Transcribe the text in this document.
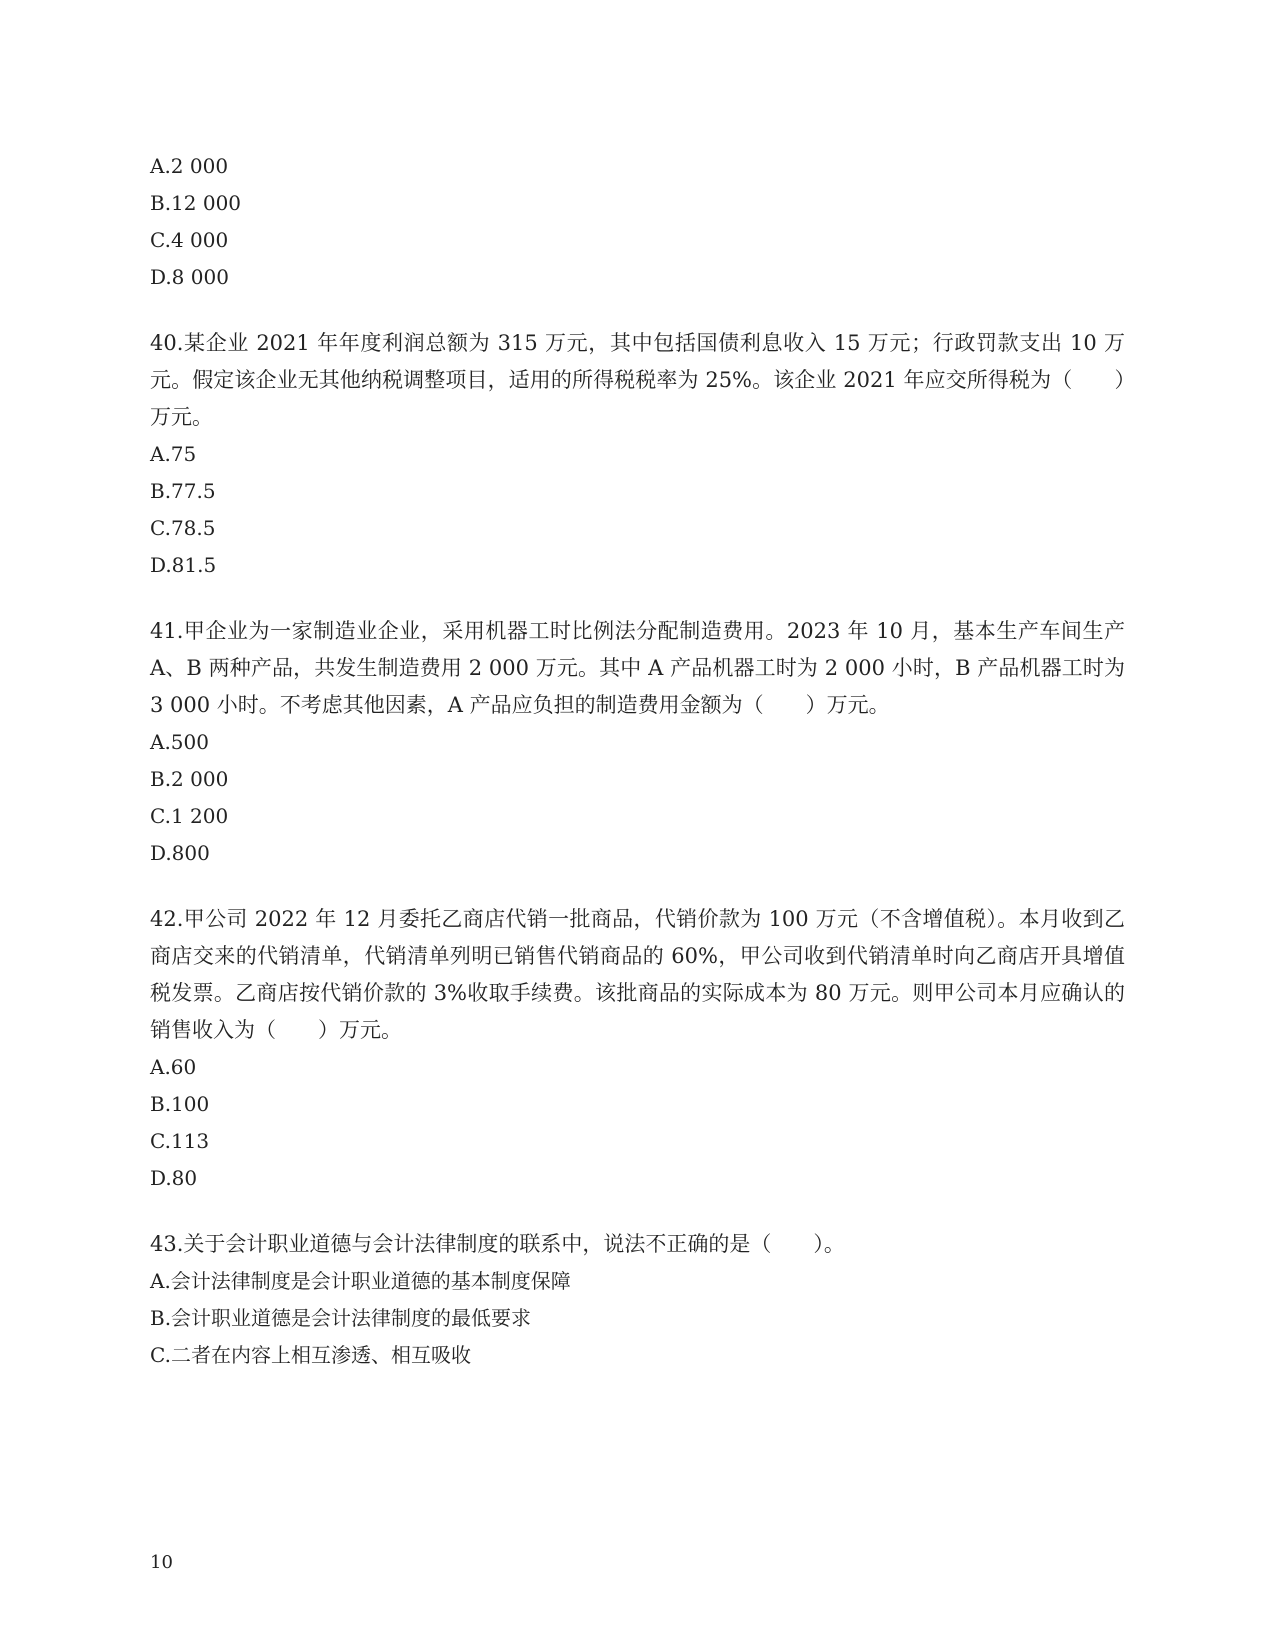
A.2 000
B.12 000
C.4 000
D.8 000
40.某企业 2021 年年度利润总额为 315 万元，其中包括国债利息收入 15 万元；行政罚款支出 10 万元。假定该企业无其他纳税调整项目，适用的所得税税率为 25%。该企业 2021 年应交所得税为（　　）万元。
A.75
B.77.5
C.78.5
D.81.5
41.甲企业为一家制造业企业，采用机器工时比例法分配制造费用。2023 年 10 月，基本生产车间生产 A、B 两种产品，共发生制造费用 2 000 万元。其中 A 产品机器工时为 2 000 小时，B 产品机器工时为 3 000 小时。不考虑其他因素，A 产品应负担的制造费用金额为（　　）万元。
A.500
B.2 000
C.1 200
D.800
42.甲公司 2022 年 12 月委托乙商店代销一批商品，代销价款为 100 万元（不含增值税）。本月收到乙商店交来的代销清单，代销清单列明已销售代销商品的 60%，甲公司收到代销清单时向乙商店开具增值税发票。乙商店按代销价款的 3%收取手续费。该批商品的实际成本为 80 万元。则甲公司本月应确认的销售收入为（　　）万元。
A.60
B.100
C.113
D.80
43.关于会计职业道德与会计法律制度的联系中，说法不正确的是（　　）。
A.会计法律制度是会计职业道德的基本制度保障
B.会计职业道德是会计法律制度的最低要求
C.二者在内容上相互渗透、相互吸收
10
